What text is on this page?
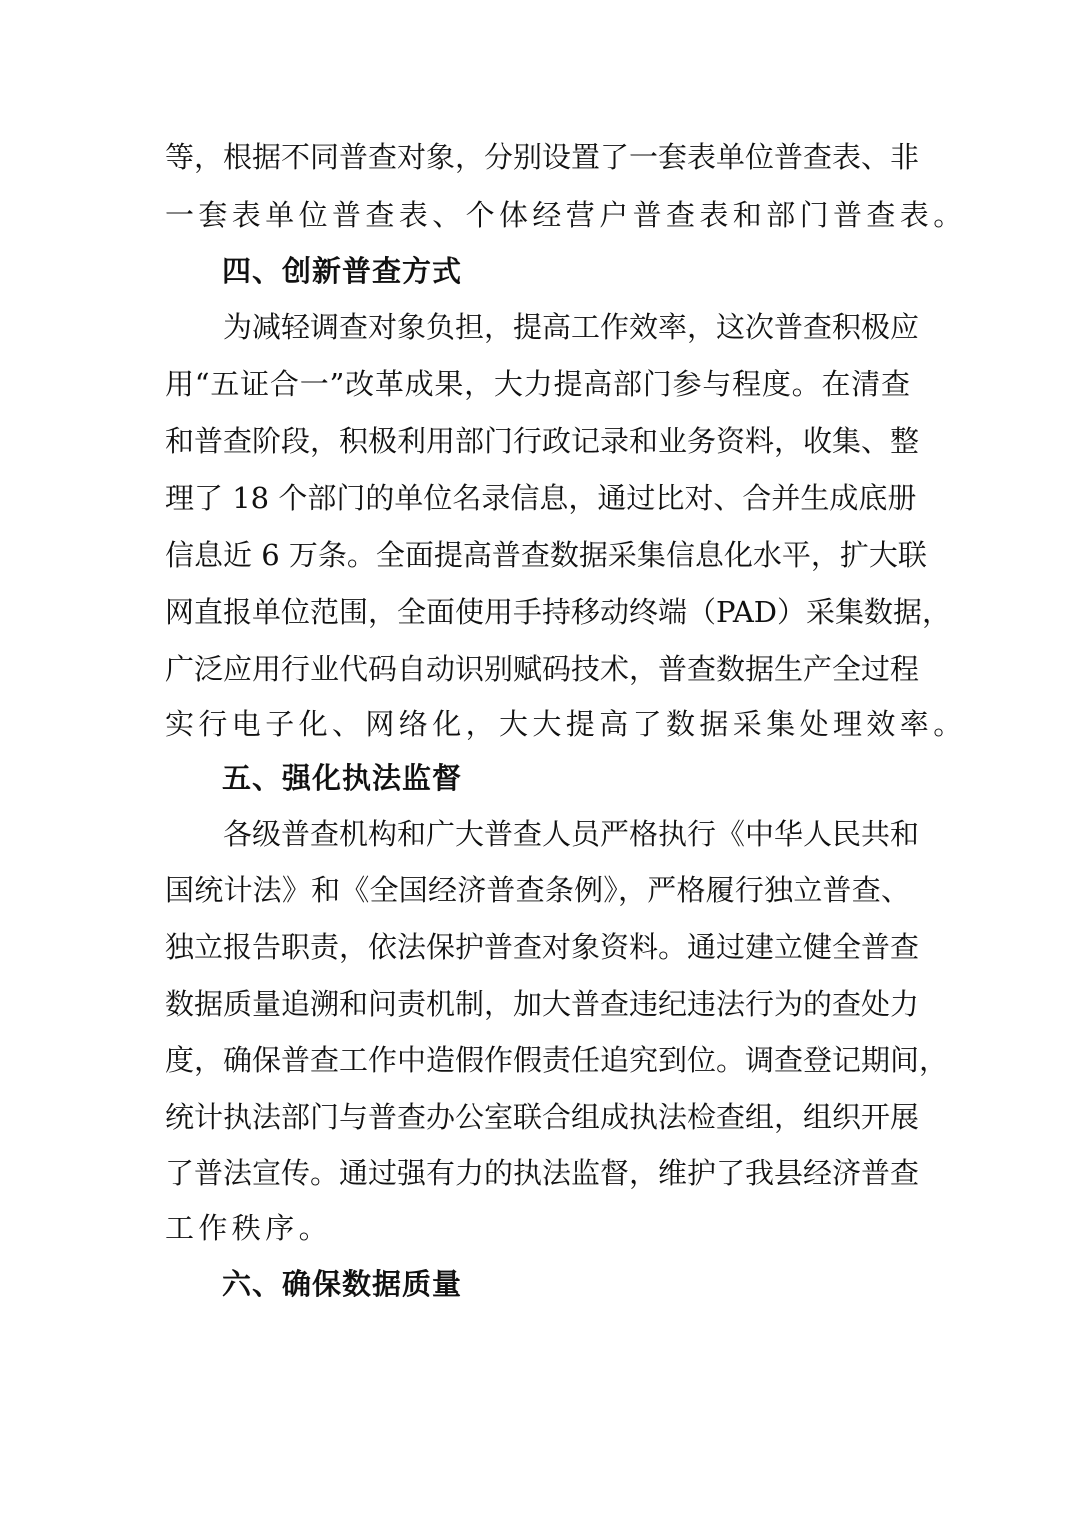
等，根据不同普查对象，分别设置了一套表单位普查表、非
一套表单位普查表、个体经营户普查表和部门普查表。
四、创新普查方式
为减轻调查对象负担，提高工作效率，这次普查积极应
用“五证合一”改革成果，大力提高部门参与程度。在清查
和普查阶段，积极利用部门行政记录和业务资料，收集、整
理了 18 个部门的单位名录信息，通过比对、合并生成底册
信息近 6 万条。全面提高普查数据采集信息化水平，扩大联
网直报单位范围，全面使用手持移动终端（PAD）采集数据，
广泛应用行业代码自动识别赋码技术，普查数据生产全过程
实行电子化、网络化，大大提高了数据采集处理效率。
五、强化执法监督
各级普查机构和广大普查人员严格执行《中华人民共和
国统计法》和《全国经济普查条例》，严格履行独立普查、
独立报告职责，依法保护普查对象资料。通过建立健全普查
数据质量追溯和问责机制，加大普查违纪违法行为的查处力
度，确保普查工作中造假作假责任追究到位。调查登记期间，
统计执法部门与普查办公室联合组成执法检查组，组织开展
了普法宣传。通过强有力的执法监督，维护了我县经济普查
工作秩序。
六、确保数据质量
